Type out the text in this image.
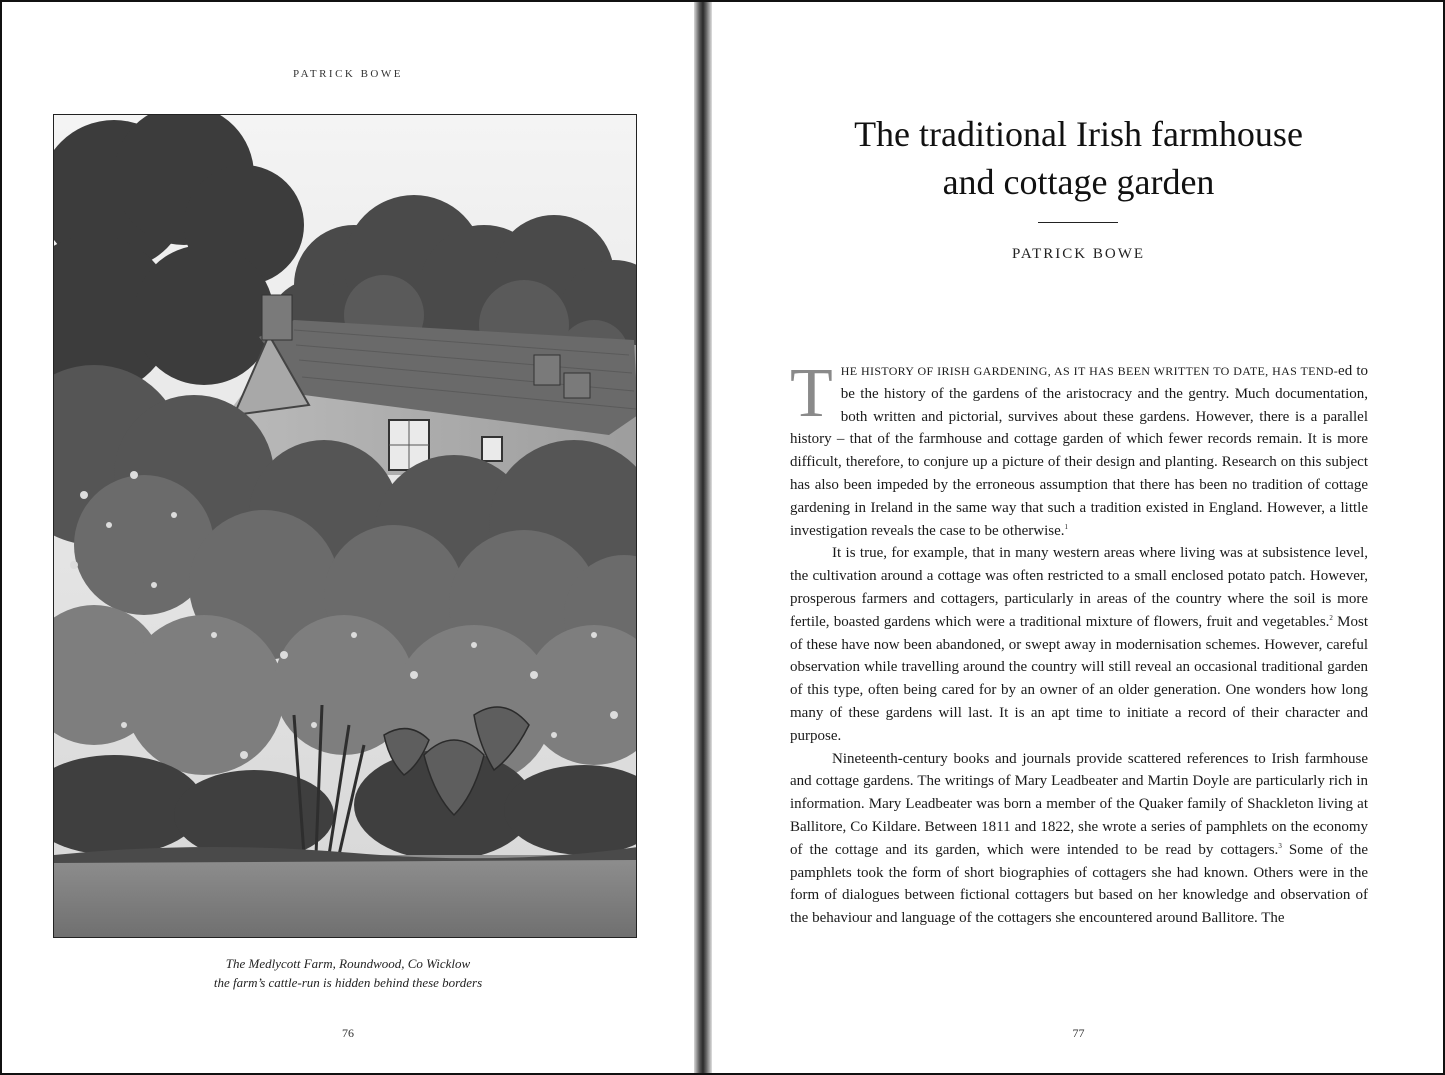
PATRICK BOWE
The Medlycott Farm, Roundwood, Co Wicklow
the farm’s cattle-run is hidden behind these borders
76
The traditional Irish farmhouse
and cottage garden
PATRICK BOWE

THE HISTORY OF IRISH GARDENING, AS IT HAS BEEN WRITTEN TO DATE, HAS TEND-ed to be the history of the gardens of the aristocracy and the gentry. Much documentation, both written and pictorial, survives about these gardens. However, there is a parallel history – that of the farmhouse and cottage garden of which fewer records remain. It is more difficult, therefore, to conjure up a picture of their design and planting. Research on this subject has also been impeded by the erroneous assumption that there has been no tradition of cottage gardening in Ireland in the same way that such a tradition existed in England. However, a little investigation reveals the case to be otherwise.$^1$

It is true, for example, that in many western areas where living was at subsistence level, the cultivation around a cottage was often restricted to a small enclosed potato patch. However, prosperous farmers and cottagers, particularly in areas of the country where the soil is more fertile, boasted gardens which were a traditional mixture of flowers, fruit and vegetables.$^2$ Most of these have now been abandoned, or swept away in modernisation schemes. However, careful observation while travelling around the country will still reveal an occasional traditional garden of this type, often being cared for by an owner of an older generation. One wonders how long many of these gardens will last. It is an apt time to initiate a record of their character and purpose.

Nineteenth-century books and journals provide scattered references to Irish farmhouse and cottage gardens. The writings of Mary Leadbeater and Martin Doyle are particularly rich in information. Mary Leadbeater was born a member of the Quaker family of Shackleton living at Ballitore, Co Kildare. Between 1811 and 1822, she wrote a series of pamphlets on the economy of the cottage and its garden, which were intended to be read by cottagers.$^3$ Some of the pamphlets took the form of short biographies of cottagers she had known. Others were in the form of dialogues between fictional cottagers but based on her knowledge and observation of the behaviour and language of the cottagers she encountered around Ballitore. The

77
